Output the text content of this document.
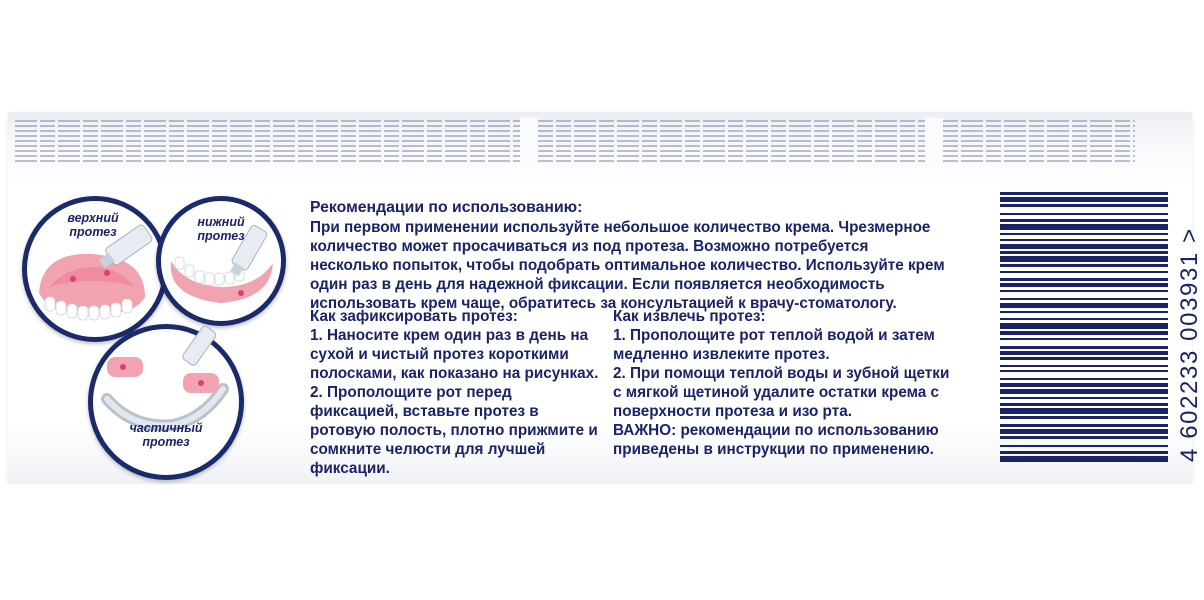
верхний
протез
нижний
протез
частичный
протез
Рекомендации по использованию:
При первом применении используйте небольшое количество крема. Чрезмерное
количество может просачиваться из под протеза. Возможно потребуется
несколько попыток, чтобы подобрать оптимальное количество. Используйте крем
один раз в день для надежной фиксации. Если появляется необходимость
использовать крем чаще, обратитесь за консультацией к врачу-стоматологу.
Как зафиксировать протез:
1. Наносите крем один раз в день на
сухой и чистый протез короткими
полосками, как показано на рисунках.
2. Прополощите рот перед
фиксацией, вставьте протез в
ротовую полость, плотно прижмите и
сомкните челюсти для лучшей
фиксации.
Как извлечь протез:
1. Прополощите рот теплой водой и затем
медленно извлеките протез.
2. При помощи теплой воды и зубной щетки
с мягкой щетиной удалите остатки крема с
поверхности протеза и изо рта.
ВАЖНО: рекомендации по использованию
приведены в инструкции по применению.	4 602233 003931 >
